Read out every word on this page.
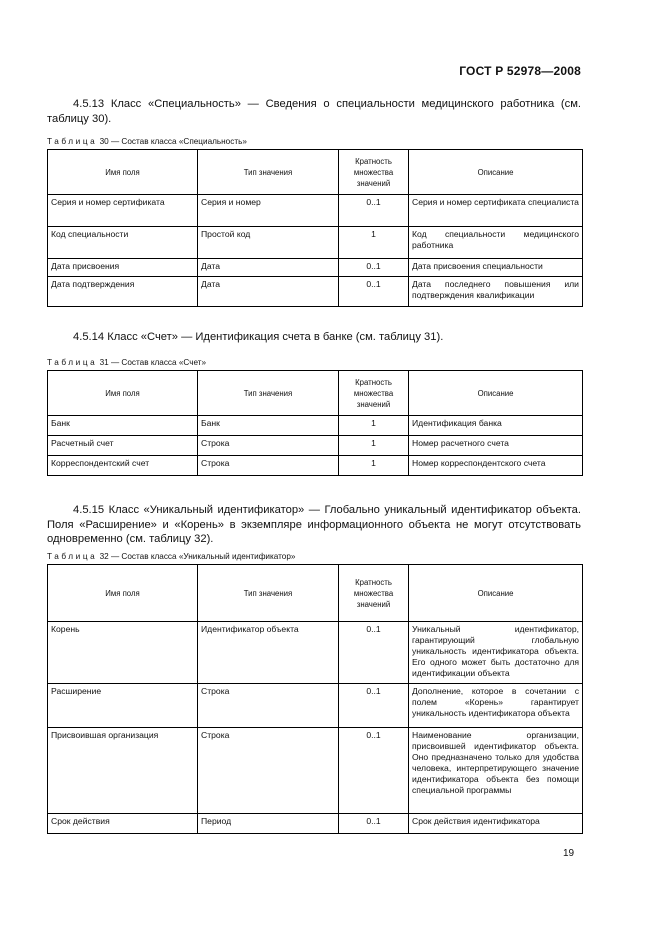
ГОСТ Р 52978—2008
4.5.13 Класс «Специальность» — Сведения о специальности медицинского работника (см. таблицу 30).
Таблица 30 — Состав класса «Специальность»
Имя поля	Тип значения	Кратность множества значений	Описание
Серия и номер сертификата	Серия и номер	0..1	Серия и номер сертификата специалиста
Код специальности	Простой код	1	Код специальности медицинского работника
Дата присвоения	Дата	0..1	Дата присвоения специальности
Дата подтверждения	Дата	0..1	Дата последнего повышения или подтверждения квалификации
4.5.14 Класс «Счет» — Идентификация счета в банке (см. таблицу 31).
Таблица 31 — Состав класса «Счет»
Имя поля	Тип значения	Кратность множества значений	Описание
Банк	Банк	1	Идентификация банка
Расчетный счет	Строка	1	Номер расчетного счета
Корреспондентский счет	Строка	1	Номер корреспондентского счета
4.5.15 Класс «Уникальный идентификатор» — Глобально уникальный идентификатор объекта. Поля «Расширение» и «Корень» в экземпляре информационного объекта не могут отсутствовать одновременно (см. таблицу 32).
Таблица 32 — Состав класса «Уникальный идентификатор»
Имя поля	Тип значения	Кратность множества значений	Описание
Корень	Идентификатор объекта	0..1	Уникальный идентификатор, гарантирующий глобальную уникальность идентификатора объекта. Его одного может быть достаточно для идентификации объекта
Расширение	Строка	0..1	Дополнение, которое в сочетании с полем «Корень» гарантирует уникальность идентификатора объекта
Присвоившая организация	Строка	0..1	Наименование организации, присвоившей идентификатор объекта. Оно предназначено только для удобства человека, интерпретирующего значение идентификатора объекта без помощи специальной программы
Срок действия	Период	0..1	Срок действия идентификатора
19
